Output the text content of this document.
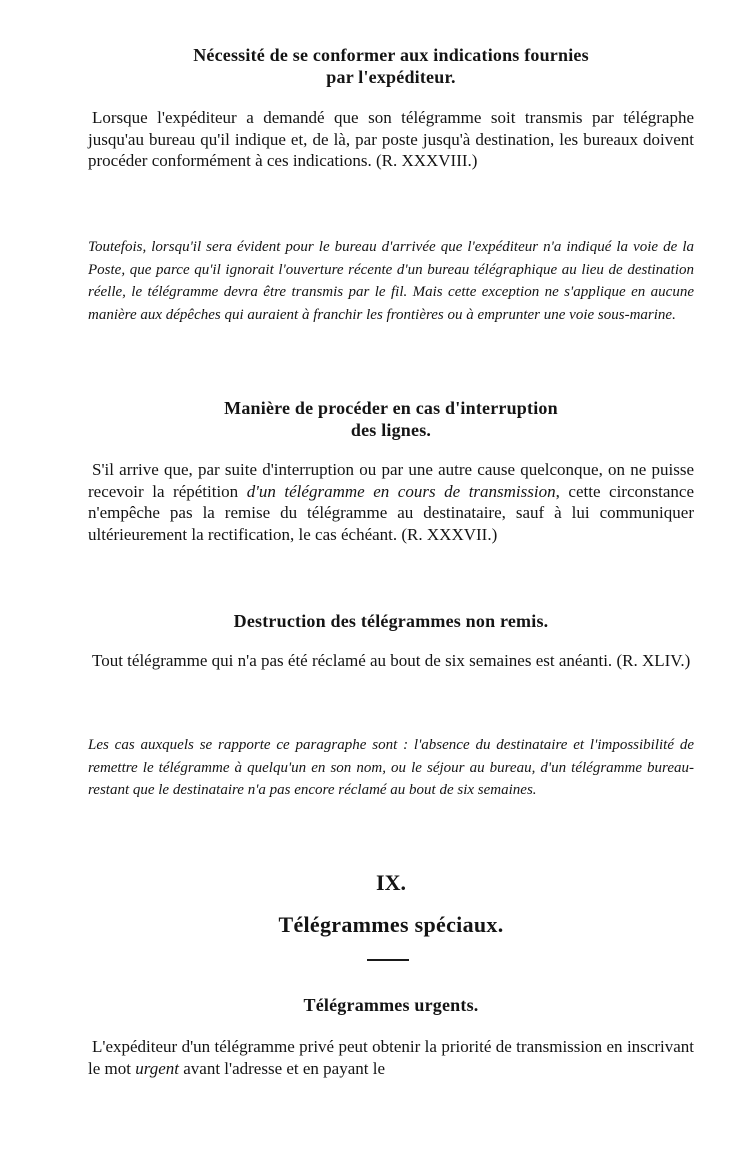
Nécessité de se conformer aux indications fournies
par l'expéditeur.

Lorsque l'expéditeur a demandé que son télégramme soit transmis par télégraphe jusqu'au bureau qu'il indique et, de là, par poste jusqu'à destination, les bureaux doivent procéder conformément à ces indications. (R. XXXVIII.)

Toutefois, lorsqu'il sera évident pour le bureau d'arrivée que l'expéditeur n'a indiqué la voie de la Poste, que parce qu'il ignorait l'ouverture récente d'un bureau télégraphique au lieu de destination réelle, le télégramme devra être transmis par le fil. Mais cette exception ne s'applique en aucune manière aux dépêches qui auraient à franchir les frontières ou à emprunter une voie sous-marine.

Manière de procéder en cas d'interruption
des lignes.

S'il arrive que, par suite d'interruption ou par une autre cause quelconque, on ne puisse recevoir la répétition d'un télégramme en cours de transmission, cette circonstance n'empêche pas la remise du télégramme au destinataire, sauf à lui communiquer ultérieurement la rectification, le cas échéant. (R. XXXVII.)

Destruction des télégrammes non remis.

Tout télégramme qui n'a pas été réclamé au bout de six semaines est anéanti. (R. XLIV.)

Les cas auxquels se rapporte ce paragraphe sont : l'absence du destinataire et l'impossibilité de remettre le télégramme à quelqu'un en son nom, ou le séjour au bureau, d'un télégramme bureau-restant que le destinataire n'a pas encore réclamé au bout de six semaines.

IX.
Télégrammes spéciaux.
Télégrammes urgents.

L'expéditeur d'un télégramme privé peut obtenir la priorité de transmission en inscrivant le mot urgent avant l'adresse et en payant le
